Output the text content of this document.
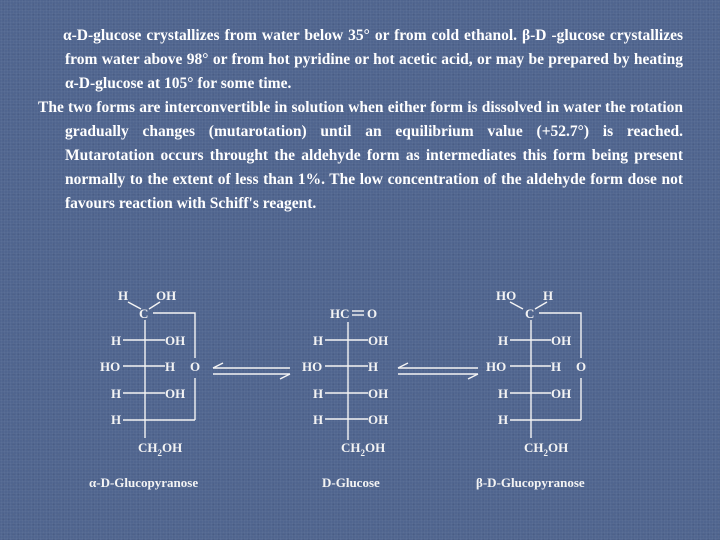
α-D-glucose crystallizes from water below 35° or from cold ethanol. β-D -glucose crystallizes from water above 98° or from hot pyridine or hot acetic acid, or may be prepared by heating α-D-glucose at 105° for some time.

The two forms are interconvertible in solution when either form is dissolved in water the rotation gradually changes (mutarotation) until an equilibrium value (+52.7°) is reached. Mutarotation occurs throught the aldehyde form as intermediates this form being present normally to the extent of less than 1%. The low concentration of the aldehyde form dose not favours reaction with Schiff's reagent.

H OH
C
H	OH
HO	H O
H	OH
H
$CH_2OH$
α-D-Glucopyranose
HC O
H	OH
HO	H
H	OH
H	OH
$CH_2OH$
D-Glucose
HO H
C
H	OH
HO	H O
H	OH
H
$CH_2OH$
β-D-Glucopyranose
